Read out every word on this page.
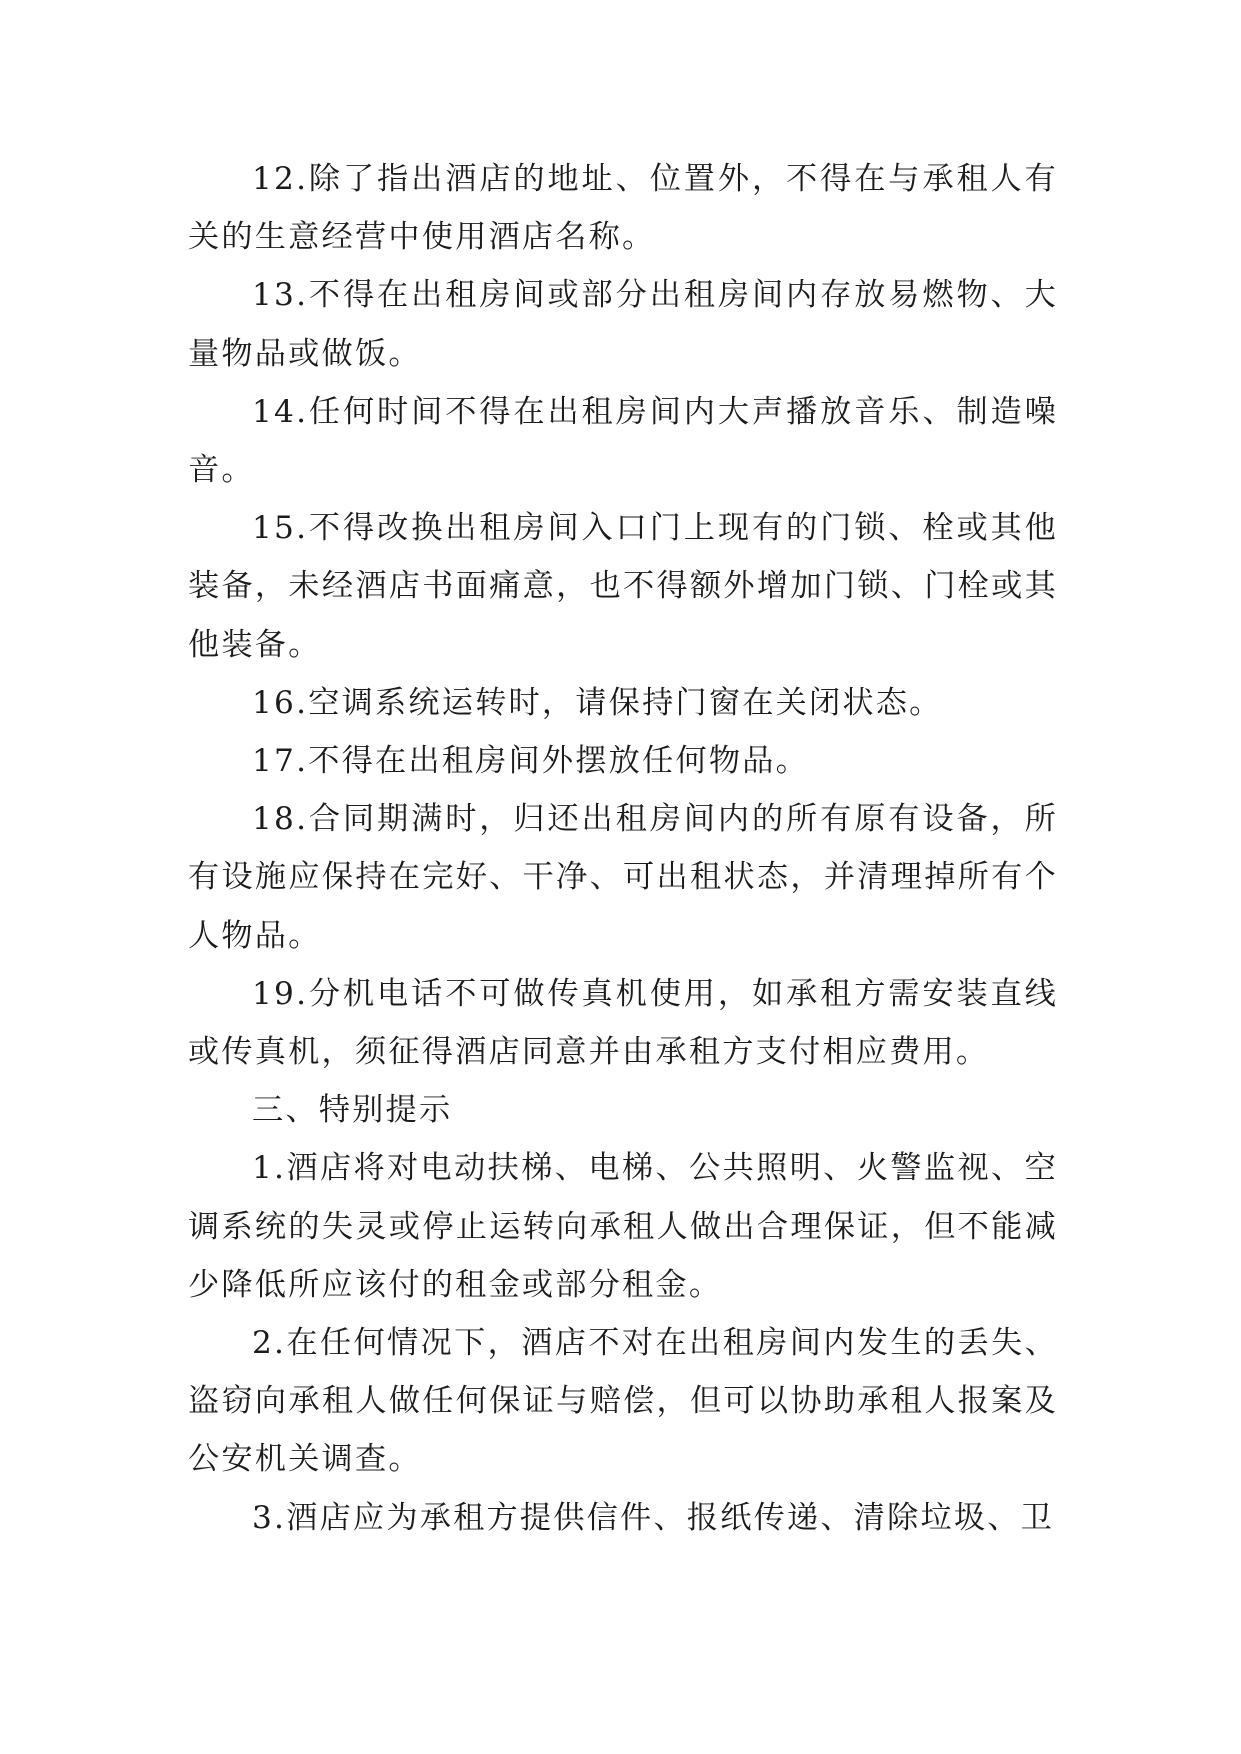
12.除了指出酒店的地址、位置外，不得在与承租人有关的生意经营中使用酒店名称。

13.不得在出租房间或部分出租房间内存放易燃物、大量物品或做饭。

14.任何时间不得在出租房间内大声播放音乐、制造噪音。

15.不得改换出租房间入口门上现有的门锁、栓或其他装备，未经酒店书面痛意，也不得额外增加门锁、门栓或其他装备。

16.空调系统运转时，请保持门窗在关闭状态。

17.不得在出租房间外摆放任何物品。

18.合同期满时，归还出租房间内的所有原有设备，所有设施应保持在完好、干净、可出租状态，并清理掉所有个人物品。

19.分机电话不可做传真机使用，如承租方需安装直线或传真机，须征得酒店同意并由承租方支付相应费用。

三、特别提示

1.酒店将对电动扶梯、电梯、公共照明、火警监视、空调系统的失灵或停止运转向承租人做出合理保证，但不能减少降低所应该付的租金或部分租金。

2.在任何情况下，酒店不对在出租房间内发生的丢失、盗窃向承租人做任何保证与赔偿，但可以协助承租人报案及公安机关调查。

3.酒店应为承租方提供信件、报纸传递、清除垃圾、卫
